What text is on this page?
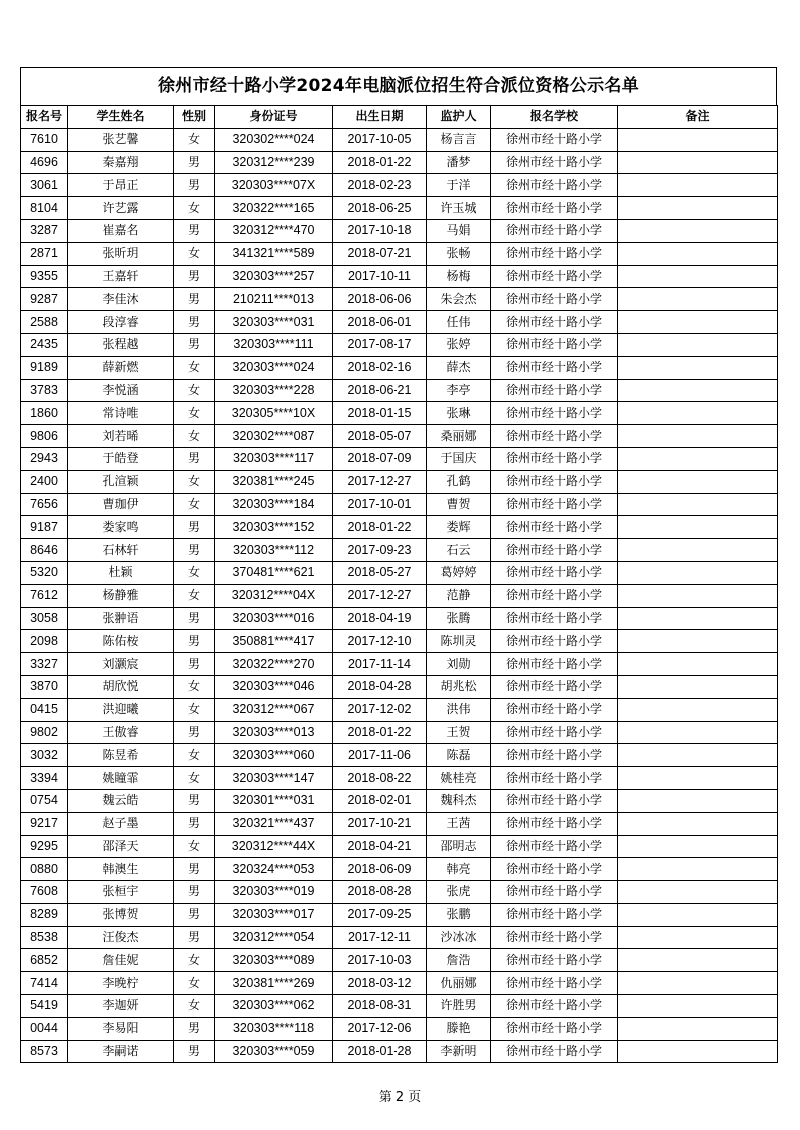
徐州市经十路小学2024年电脑派位招生符合派位资格公示名单
报名号	学生姓名	性别	身份证号	出生日期	监护人	报名学校	备注
7610	张艺馨	女	320302****024	2017-10-05	杨言言	徐州市经十路小学	
4696	秦嘉翔	男	320312****239	2018-01-22	潘梦	徐州市经十路小学	
3061	于昂正	男	320303****07X	2018-02-23	于洋	徐州市经十路小学	
8104	许艺露	女	320322****165	2018-06-25	许玉城	徐州市经十路小学	
3287	崔嘉名	男	320312****470	2017-10-18	马娟	徐州市经十路小学	
2871	张昕玥	女	341321****589	2018-07-21	张畅	徐州市经十路小学	
9355	王嘉轩	男	320303****257	2017-10-11	杨梅	徐州市经十路小学	
9287	李佳沐	男	210211****013	2018-06-06	朱会杰	徐州市经十路小学	
2588	段淳睿	男	320303****031	2018-06-01	任伟	徐州市经十路小学	
2435	张程越	男	320303****111	2017-08-17	张婷	徐州市经十路小学	
9189	薛新燃	女	320303****024	2018-02-16	薛杰	徐州市经十路小学	
3783	李悦涵	女	320303****228	2018-06-21	李亭	徐州市经十路小学	
1860	常诗唯	女	320305****10X	2018-01-15	张琳	徐州市经十路小学	
9806	刘若晞	女	320302****087	2018-05-07	桑丽娜	徐州市经十路小学	
2943	于皓登	男	320303****117	2018-07-09	于国庆	徐州市经十路小学	
2400	孔渲颖	女	320381****245	2017-12-27	孔鹤	徐州市经十路小学	
7656	曹珈伊	女	320303****184	2017-10-01	曹贺	徐州市经十路小学	
9187	娄家鸣	男	320303****152	2018-01-22	娄辉	徐州市经十路小学	
8646	石林轩	男	320303****112	2017-09-23	石云	徐州市经十路小学	
5320	杜颖	女	370481****621	2018-05-27	葛婷婷	徐州市经十路小学	
7612	杨静雅	女	320312****04X	2017-12-27	范静	徐州市经十路小学	
3058	张翀语	男	320303****016	2018-04-19	张腾	徐州市经十路小学	
2098	陈佑桉	男	350881****417	2017-12-10	陈圳灵	徐州市经十路小学	
3327	刘灏宸	男	320322****270	2017-11-14	刘勋	徐州市经十路小学	
3870	胡欣悦	女	320303****046	2018-04-28	胡兆松	徐州市经十路小学	
0415	洪迎曦	女	320312****067	2017-12-02	洪伟	徐州市经十路小学	
9802	王傲睿	男	320303****013	2018-01-22	王贺	徐州市经十路小学	
3032	陈昱希	女	320303****060	2017-11-06	陈磊	徐州市经十路小学	
3394	姚瞳霏	女	320303****147	2018-08-22	姚桂亮	徐州市经十路小学	
0754	魏云皓	男	320301****031	2018-02-01	魏科杰	徐州市经十路小学	
9217	赵子墨	男	320321****437	2017-10-21	王茜	徐州市经十路小学	
9295	邵泽天	女	320312****44X	2018-04-21	邵明志	徐州市经十路小学	
0880	韩澳生	男	320324****053	2018-06-09	韩亮	徐州市经十路小学	
7608	张桓宇	男	320303****019	2018-08-28	张虎	徐州市经十路小学	
8289	张博贺	男	320303****017	2017-09-25	张鹏	徐州市经十路小学	
8538	汪俊杰	男	320312****054	2017-12-11	沙冰冰	徐州市经十路小学	
6852	詹佳妮	女	320303****089	2017-10-03	詹浩	徐州市经十路小学	
7414	李晚柠	女	320381****269	2018-03-12	仇丽娜	徐州市经十路小学	
5419	李迦妍	女	320303****062	2018-08-31	许胜男	徐州市经十路小学	
0044	李易阳	男	320303****118	2017-12-06	滕艳	徐州市经十路小学	
8573	李嗣诺	男	320303****059	2018-01-28	李新明	徐州市经十路小学	
第 2 页
